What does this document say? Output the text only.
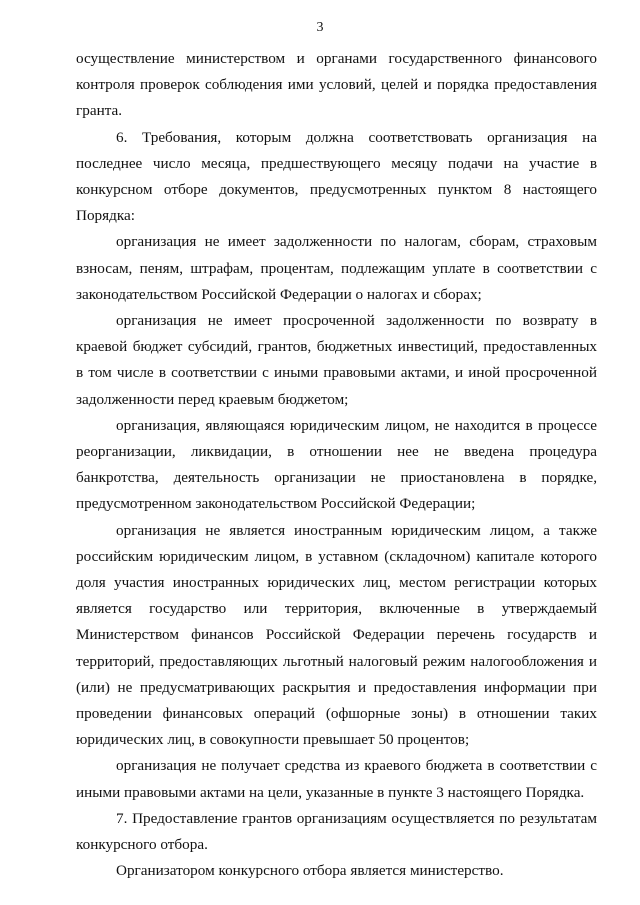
3

осуществление министерством и органами государственного финансового контроля проверок соблюдения ими условий, целей и порядка предоставления гранта.

6. Требования, которым должна соответствовать организация на последнее число месяца, предшествующего месяцу подачи на участие в конкурсном отборе документов, предусмотренных пунктом 8 настоящего Порядка:

организация не имеет задолженности по налогам, сборам, страховым взносам, пеням, штрафам, процентам, подлежащим уплате в соответствии с законодательством Российской Федерации о налогах и сборах;

организация не имеет просроченной задолженности по возврату в краевой бюджет субсидий, грантов, бюджетных инвестиций, предоставленных в том числе в соответствии с иными правовыми актами, и иной просроченной задолженности перед краевым бюджетом;

организация, являющаяся юридическим лицом, не находится в процессе реорганизации, ликвидации, в отношении нее не введена процедура банкротства, деятельность организации не приостановлена в порядке, предусмотренном законодательством Российской Федерации;

организация не является иностранным юридическим лицом, а также российским юридическим лицом, в уставном (складочном) капитале которого доля участия иностранных юридических лиц, местом регистрации которых является государство или территория, включенные в утверждаемый Министерством финансов Российской Федерации перечень государств и территорий, предоставляющих льготный налоговый режим налогообложения и (или) не предусматривающих раскрытия и предоставления информации при проведении финансовых операций (офшорные зоны) в отношении таких юридических лиц, в совокупности превышает 50 процентов;

организация не получает средства из краевого бюджета в соответствии с иными правовыми актами на цели, указанные в пункте 3 настоящего Порядка.

7. Предоставление грантов организациям осуществляется по результатам конкурсного отбора.

Организатором конкурсного отбора является министерство.
